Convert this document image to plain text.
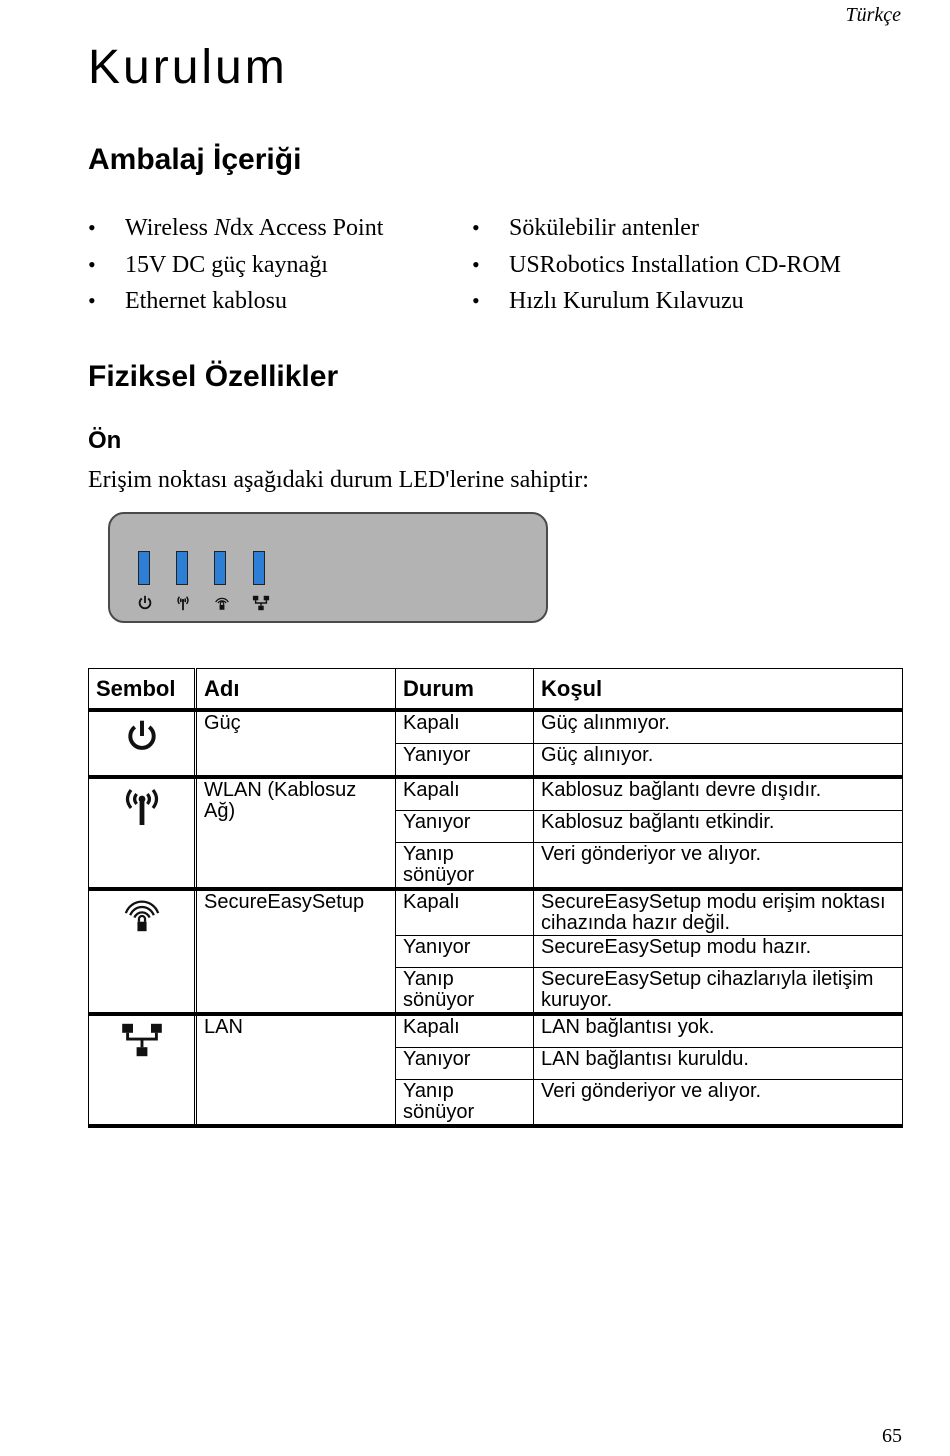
Türkçe
Kurulum
Ambalaj İçeriği
• Wireless Ndx Access Point
• 15V DC güç kaynağı
• Ethernet kablosu
• Sökülebilir antenler
• USRobotics Installation CD-ROM
• Hızlı Kurulum Kılavuzu
Fiziksel Özellikler
Ön
Erişim noktası aşağıdaki durum LED'lerine sahiptir:
Sembol	Adı	Durum	Koşul
	Güç	Kapalı	Güç alınmıyor.
		Yanıyor	Güç alınıyor.
	WLAN (Kablosuz Ağ)	Kapalı	Kablosuz bağlantı devre dışıdır.
		Yanıyor	Kablosuz bağlantı etkindir.
		Yanıp sönüyor	Veri gönderiyor ve alıyor.
	SecureEasySetup	Kapalı	SecureEasySetup modu erişim noktası cihazında hazır değil.
		Yanıyor	SecureEasySetup modu hazır.
		Yanıp sönüyor	SecureEasySetup cihazlarıyla iletişim kuruyor.
	LAN	Kapalı	LAN bağlantısı yok.
		Yanıyor	LAN bağlantısı kuruldu.
		Yanıp sönüyor	Veri gönderiyor ve alıyor.
65
